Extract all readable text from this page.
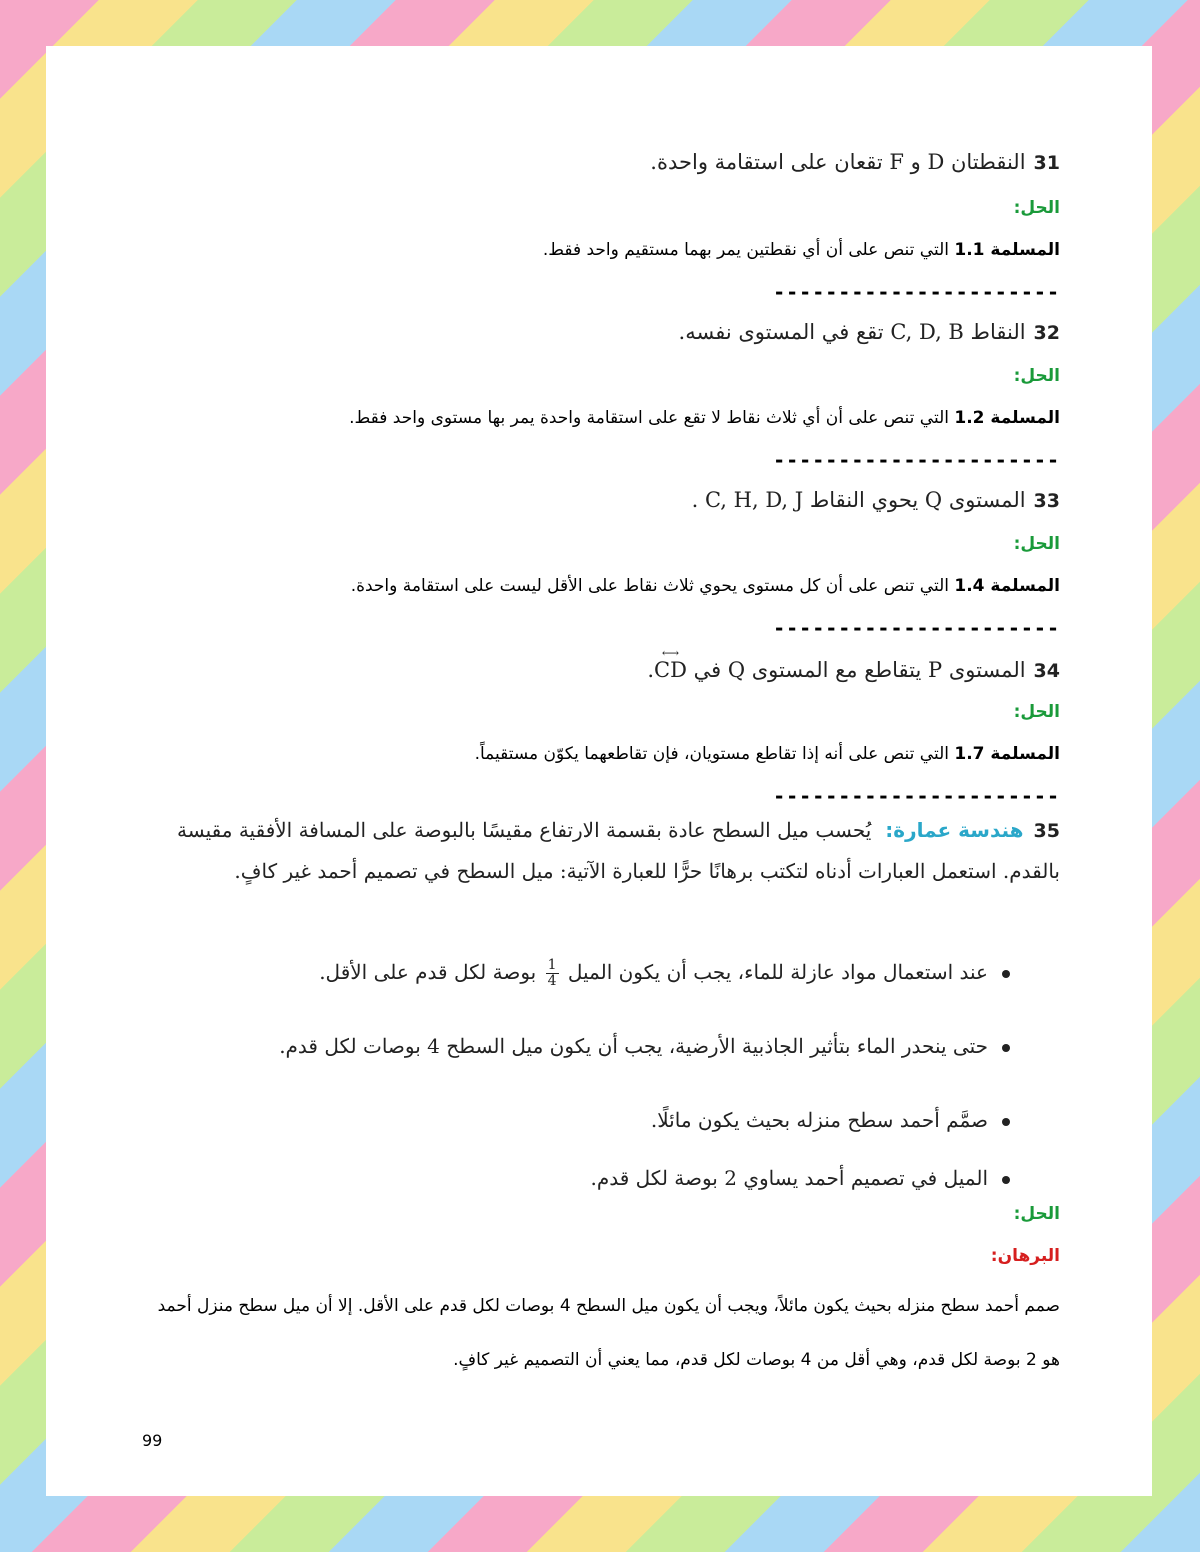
31النقطتان D و F تقعان على استقامة واحدة.
الحل:
المسلمة 1.1 التي تنص على أن أي نقطتين يمر بهما مستقيم واحد فقط.
----------------------
32النقاط C, D, B تقع في المستوى نفسه.
الحل:
المسلمة 1.2 التي تنص على أن أي ثلاث نقاط لا تقع على استقامة واحدة يمر بها مستوى واحد فقط.
----------------------
33المستوى Q يحوي النقاط C, H, D, J .
الحل:
المسلمة 1.4 التي تنص على أن كل مستوى يحوي ثلاث نقاط على الأقل ليست على استقامة واحدة.
----------------------
34المستوى P يتقاطع مع المستوى Q في
⟷
CD.
الحل:
المسلمة 1.7 التي تنص على أنه إذا تقاطع مستويان، فإن تقاطعهما يكوّن مستقيماً.
----------------------
35هندسة عمارة:يُحسب ميل السطح عادة بقسمة الارتفاع مقيسًا بالبوصة على المسافة الأفقية مقيسة بالقدم. استعمل العبارات أدناه لتكتب برهانًا حرًّا للعبارة الآتية: ميل السطح في تصميم أحمد غير كافٍ.
عند استعمال مواد عازلة للماء، يجب أن يكون الميل
$\frac{1}{4}$
بوصة لكل قدم على الأقل.
حتى ينحدر الماء بتأثير الجاذبية الأرضية، يجب أن يكون ميل السطح 4 بوصات لكل قدم.
صمَّم أحمد سطح منزله بحيث يكون مائلًا.
الميل في تصميم أحمد يساوي 2 بوصة لكل قدم.
الحل:
البرهان:
صمم أحمد سطح منزله بحيث يكون مائلاً، ويجب أن يكون ميل السطح 4 بوصات لكل قدم على الأقل. إلا أن ميل سطح منزل أحمد هو 2 بوصة لكل قدم، وهي أقل من 4 بوصات لكل قدم، مما يعني أن التصميم غير كافٍ.
99
